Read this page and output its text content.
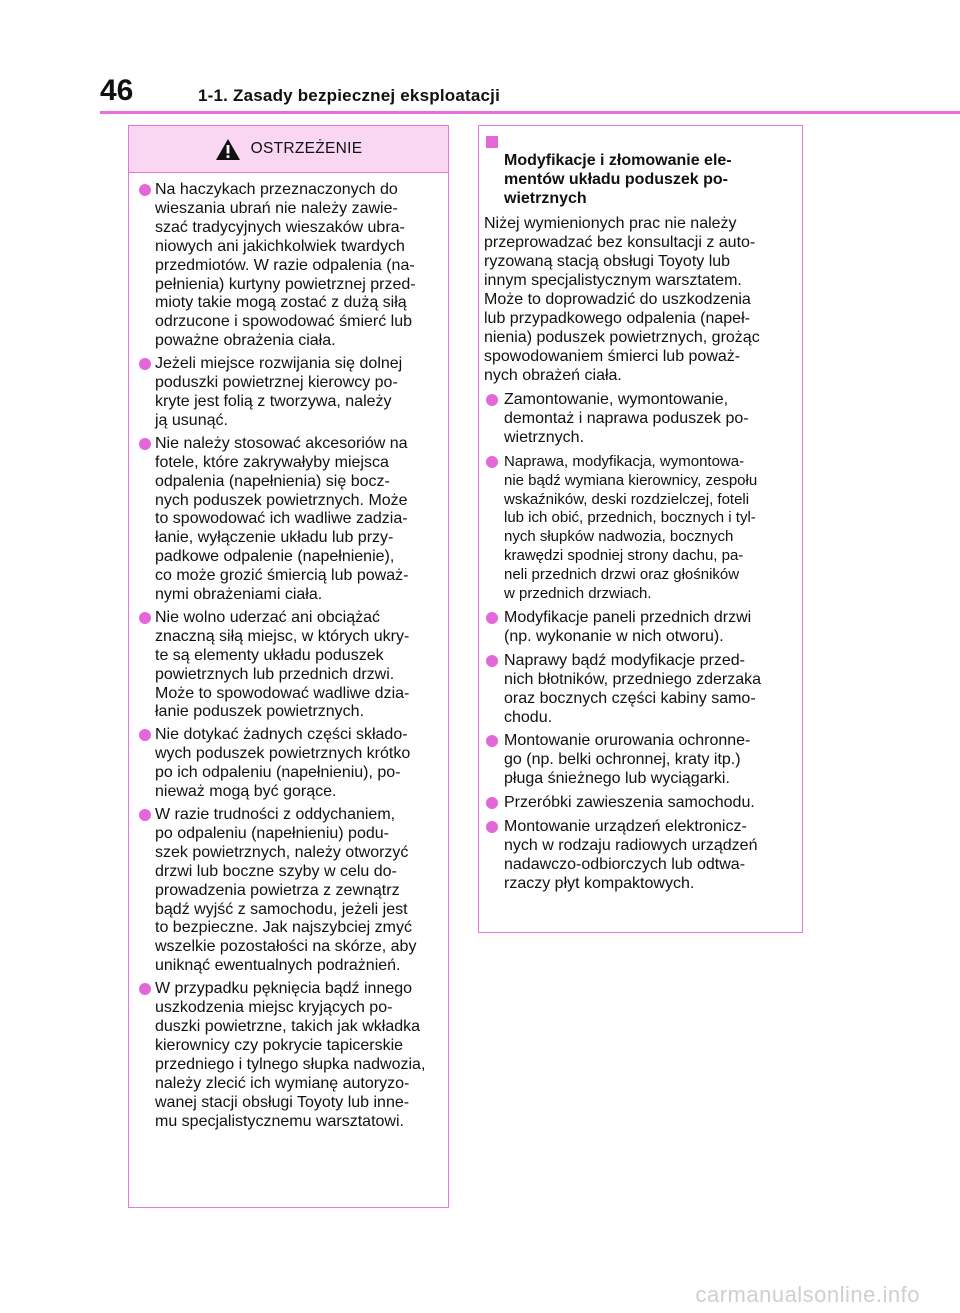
46	1-1. Zasady bezpiecznej eksploatacji
OSTRZEŻENIE
Na haczykach przeznaczonych do
wieszania ubrań nie należy zawie-
szać tradycyjnych wieszaków ubra-
niowych ani jakichkolwiek twardych
przedmiotów. W razie odpalenia (na-
pełnienia) kurtyny powietrznej przed-
mioty takie mogą zostać z dużą siłą
odrzucone i spowodować śmierć lub
poważne obrażenia ciała.
Jeżeli miejsce rozwijania się dolnej
poduszki powietrznej kierowcy po-
kryte jest folią z tworzywa, należy
ją usunąć.
Nie należy stosować akcesoriów na
fotele, które zakrywałyby miejsca
odpalenia (napełnienia) się bocz-
nych poduszek powietrznych. Może
to spowodować ich wadliwe zadzia-
łanie, wyłączenie układu lub przy-
padkowe odpalenie (napełnienie),
co może grozić śmiercią lub poważ-
nymi obrażeniami ciała.
Nie wolno uderzać ani obciążać
znaczną siłą miejsc, w których ukry-
te są elementy układu poduszek
powietrznych lub przednich drzwi.
Może to spowodować wadliwe dzia-
łanie poduszek powietrznych.
Nie dotykać żadnych części składo-
wych poduszek powietrznych krótko
po ich odpaleniu (napełnieniu), po-
nieważ mogą być gorące.
W razie trudności z oddychaniem,
po odpaleniu (napełnieniu) podu-
szek powietrznych, należy otworzyć
drzwi lub boczne szyby w celu do-
prowadzenia powietrza z zewnątrz
bądź wyjść z samochodu, jeżeli jest
to bezpieczne. Jak najszybciej zmyć
wszelkie pozostałości na skórze, aby
uniknąć ewentualnych podrażnień.
W przypadku pęknięcia bądź innego
uszkodzenia miejsc kryjących po-
duszki powietrzne, takich jak wkładka
kierownicy czy pokrycie tapicerskie
przedniego i tylnego słupka nadwozia,
należy zlecić ich wymianę autoryzo-
wanej stacji obsługi Toyoty lub inne-
mu specjalistycznemu warsztatowi.

Modyfikacje i złomowanie ele-
mentów układu poduszek po-
wietrznych

Niżej wymienionych prac nie należy
przeprowadzać bez konsultacji z auto-
ryzowaną stacją obsługi Toyoty lub
innym specjalistycznym warsztatem.
Może to doprowadzić do uszkodzenia
lub przypadkowego odpalenia (napeł-
nienia) poduszek powietrznych, grożąc
spowodowaniem śmierci lub poważ-
nych obrażeń ciała.
Zamontowanie, wymontowanie,
demontaż i naprawa poduszek po-
wietrznych.
Naprawa, modyfikacja, wymontowa-
nie bądź wymiana kierownicy, zespołu
wskaźników, deski rozdzielczej, foteli
lub ich obić, przednich, bocznych i tyl-
nych słupków nadwozia, bocznych
krawędzi spodniej strony dachu, pa-
neli przednich drzwi oraz głośników
w przednich drzwiach.
Modyfikacje paneli przednich drzwi
(np. wykonanie w nich otworu).
Naprawy bądź modyfikacje przed-
nich błotników, przedniego zderzaka
oraz bocznych części kabiny samo-
chodu.
Montowanie orurowania ochronne-
go (np. belki ochronnej, kraty itp.)
pługa śnieżnego lub wyciągarki.
Przeróbki zawieszenia samochodu.
Montowanie urządzeń elektronicz-
nych w rodzaju radiowych urządzeń
nadawczo-odbiorczych lub odtwa-
rzaczy płyt kompaktowych.
carmanualsonline.info
